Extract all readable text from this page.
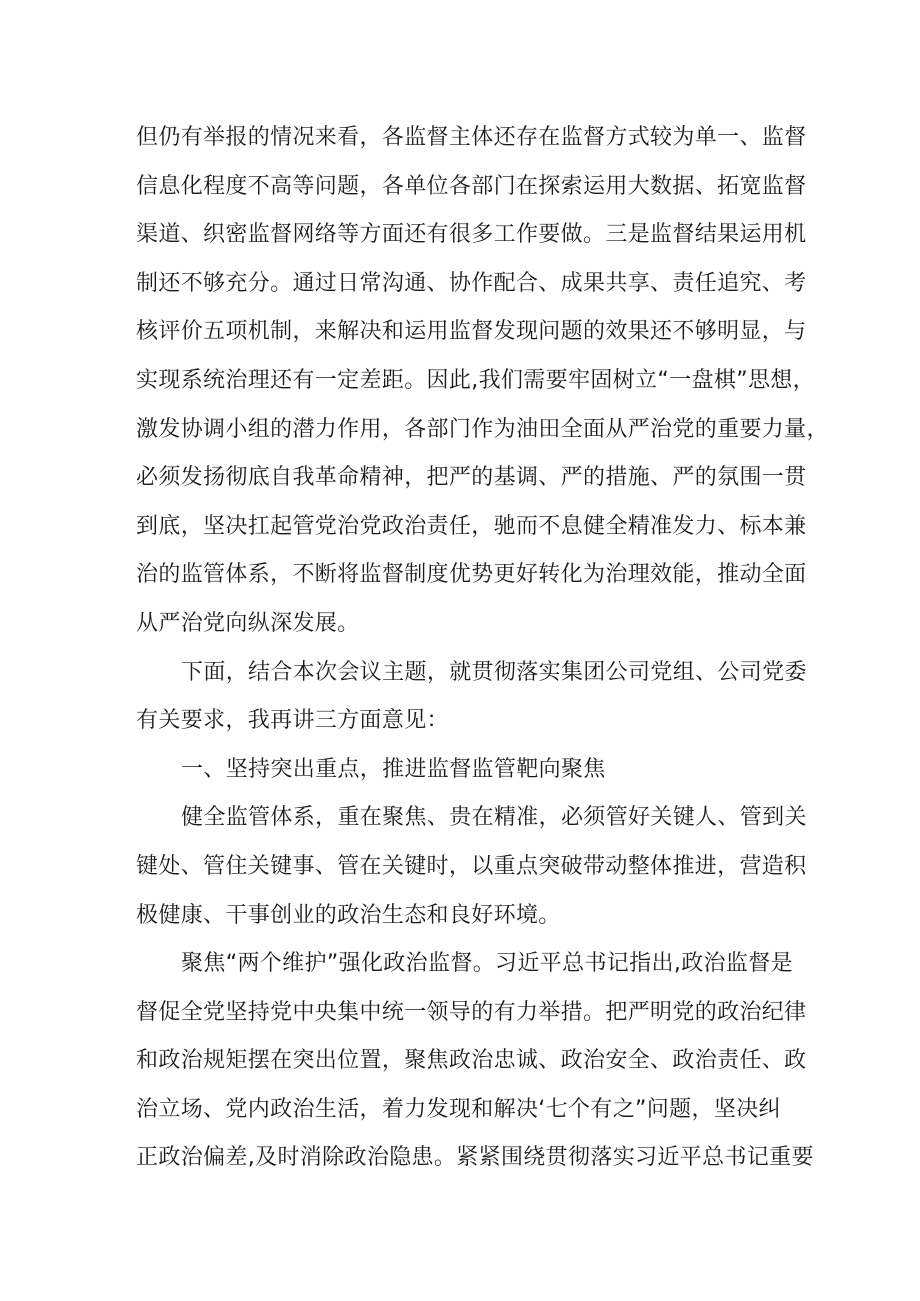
但仍有举报的情况来看，各监督主体还存在监督方式较为单一、监督
信息化程度不高等问题，各单位各部门在探索运用大数据、拓宽监督
渠道、织密监督网络等方面还有很多工作要做。三是监督结果运用机
制还不够充分。通过日常沟通、协作配合、成果共享、责任追究、考
核评价五项机制，来解决和运用监督发现问题的效果还不够明显，与
实现系统治理还有一定差距。因此,我们需要牢固树立“一盘棋”思想，
激发协调小组的潜力作用，各部门作为油田全面从严治党的重要力量，
必须发扬彻底自我革命精神，把严的基调、严的措施、严的氛围一贯
到底，坚决扛起管党治党政治责任，驰而不息健全精准发力、标本兼
治的监管体系，不断将监督制度优势更好转化为治理效能，推动全面
从严治党向纵深发展。
下面，结合本次会议主题，就贯彻落实集团公司党组、公司党委
有关要求，我再讲三方面意见：
一、坚持突出重点，推进监督监管靶向聚焦
健全监管体系，重在聚焦、贵在精准，必须管好关键人、管到关
键处、管住关键事、管在关键时，以重点突破带动整体推进，营造积
极健康、干事创业的政治生态和良好环境。
聚焦“两个维护”强化政治监督。习近平总书记指出,政治监督是
督促全党坚持党中央集中统一领导的有力举措。把严明党的政治纪律
和政治规矩摆在突出位置，聚焦政治忠诚、政治安全、政治责任、政
治立场、党内政治生活，着力发现和解决‘七个有之”问题，坚决纠
正政治偏差,及时消除政治隐患。紧紧围绕贯彻落实习近平总书记重要
